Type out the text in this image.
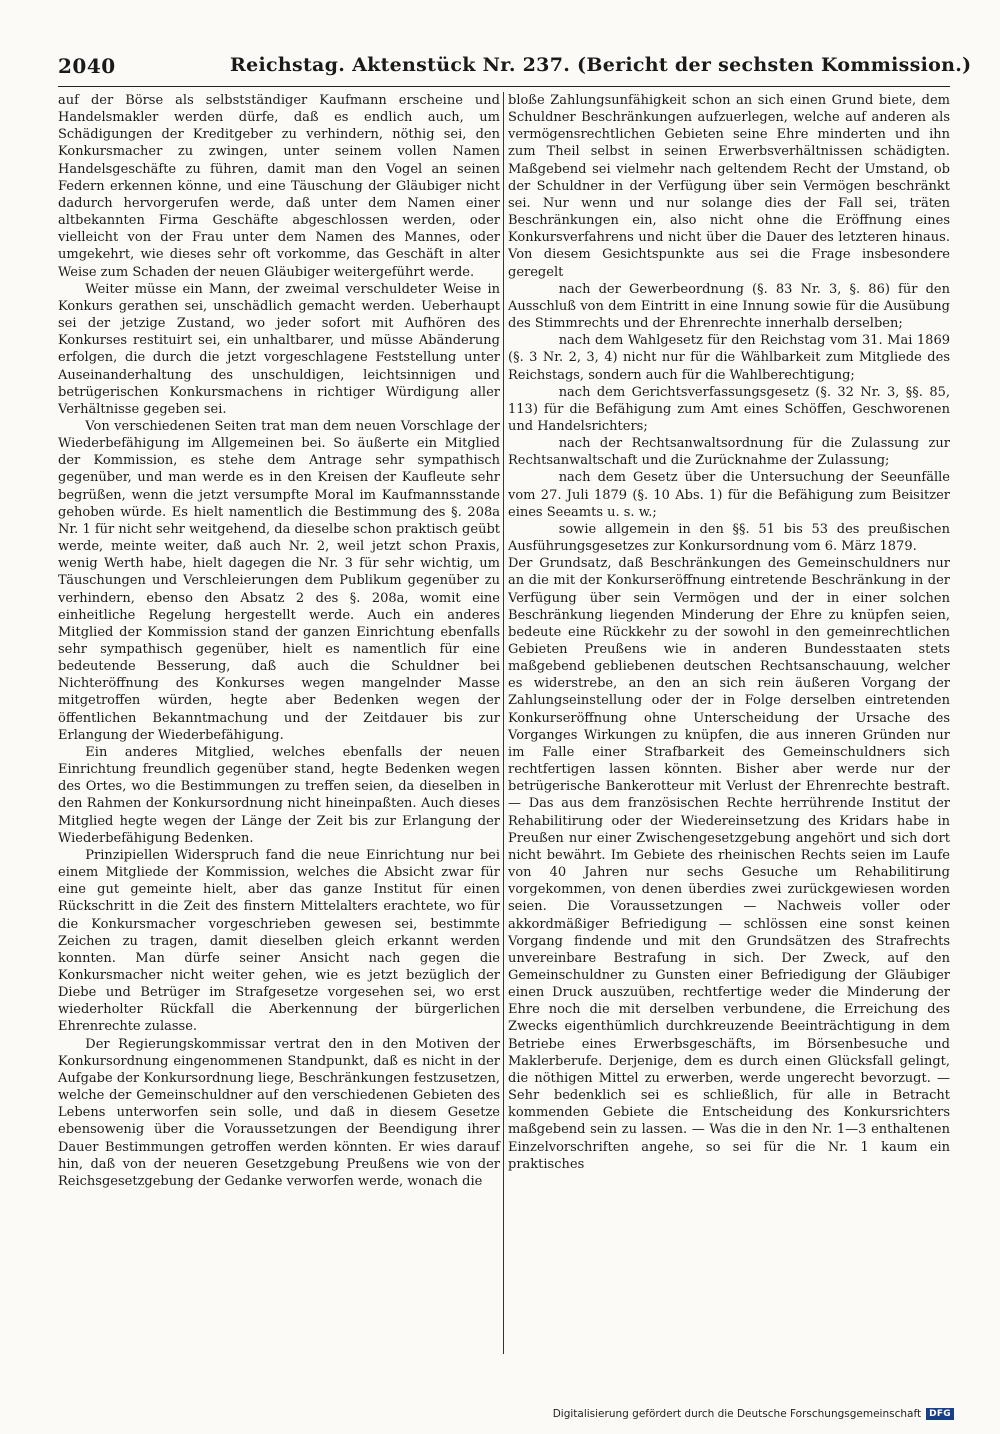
2040	Reichstag. Aktenstück Nr. 237. (Bericht der sechsten Kommission.)

auf der Börse als selbstständiger Kaufmann erscheine und Handelsmakler werden dürfe, daß es endlich auch, um Schädigungen der Kreditgeber zu verhindern, nöthig sei, den Konkursmacher zu zwingen, unter seinem vollen Namen Handelsgeschäfte zu führen, damit man den Vogel an seinen Federn erkennen könne, und eine Täuschung der Gläubiger nicht dadurch hervorgerufen werde, daß unter dem Namen einer altbekannten Firma Geschäfte abgeschlossen werden, oder vielleicht von der Frau unter dem Namen des Mannes, oder umgekehrt, wie dieses sehr oft vorkomme, das Geschäft in alter Weise zum Schaden der neuen Gläubiger weitergeführt werde.

Weiter müsse ein Mann, der zweimal verschuldeter Weise in Konkurs gerathen sei, unschädlich gemacht werden. Ueberhaupt sei der jetzige Zustand, wo jeder sofort mit Aufhören des Konkurses restituirt sei, ein unhaltbarer, und müsse Abänderung erfolgen, die durch die jetzt vorgeschlagene Feststellung unter Auseinanderhaltung des unschuldigen, leichtsinnigen und betrügerischen Konkursmachens in richtiger Würdigung aller Verhältnisse gegeben sei.

Von verschiedenen Seiten trat man dem neuen Vorschlage der Wiederbefähigung im Allgemeinen bei. So äußerte ein Mitglied der Kommission, es stehe dem Antrage sehr sympathisch gegenüber, und man werde es in den Kreisen der Kaufleute sehr begrüßen, wenn die jetzt versumpfte Moral im Kaufmannsstande gehoben würde. Es hielt namentlich die Bestimmung des §. 208a Nr. 1 für nicht sehr weitgehend, da dieselbe schon praktisch geübt werde, meinte weiter, daß auch Nr. 2, weil jetzt schon Praxis, wenig Werth habe, hielt dagegen die Nr. 3 für sehr wichtig, um Täuschungen und Verschleierungen dem Publikum gegenüber zu verhindern, ebenso den Absatz 2 des §. 208a, womit eine einheitliche Regelung hergestellt werde. Auch ein anderes Mitglied der Kommission stand der ganzen Einrichtung ebenfalls sehr sympathisch gegenüber, hielt es namentlich für eine bedeutende Besserung, daß auch die Schuldner bei Nichteröffnung des Konkurses wegen mangelnder Masse mitgetroffen würden, hegte aber Bedenken wegen der öffentlichen Bekanntmachung und der Zeitdauer bis zur Erlangung der Wiederbefähigung.

Ein anderes Mitglied, welches ebenfalls der neuen Einrichtung freundlich gegenüber stand, hegte Bedenken wegen des Ortes, wo die Bestimmungen zu treffen seien, da dieselben in den Rahmen der Konkursordnung nicht hineinpaßten. Auch dieses Mitglied hegte wegen der Länge der Zeit bis zur Erlangung der Wiederbefähigung Bedenken.

Prinzipiellen Widerspruch fand die neue Einrichtung nur bei einem Mitgliede der Kommission, welches die Absicht zwar für eine gut gemeinte hielt, aber das ganze Institut für einen Rückschritt in die Zeit des finstern Mittelalters erachtete, wo für die Konkursmacher vorgeschrieben gewesen sei, bestimmte Zeichen zu tragen, damit dieselben gleich erkannt werden konnten. Man dürfe seiner Ansicht nach gegen die Konkursmacher nicht weiter gehen, wie es jetzt bezüglich der Diebe und Betrüger im Strafgesetze vorgesehen sei, wo erst wiederholter Rückfall die Aberkennung der bürgerlichen Ehrenrechte zulasse.

Der Regierungskommissar vertrat den in den Motiven der Konkursordnung eingenommenen Standpunkt, daß es nicht in der Aufgabe der Konkursordnung liege, Beschränkungen festzusetzen, welche der Gemeinschuldner auf den verschiedenen Gebieten des Lebens unterworfen sein solle, und daß in diesem Gesetze ebensowenig über die Voraussetzungen der Beendigung ihrer Dauer Bestimmungen getroffen werden könnten. Er wies darauf hin, daß von der neueren Gesetzgebung Preußens wie von der Reichsgesetzgebung der Gedanke verworfen werde, wonach die

bloße Zahlungsunfähigkeit schon an sich einen Grund biete, dem Schuldner Beschränkungen aufzuerlegen, welche auf anderen als vermögensrechtlichen Gebieten seine Ehre minderten und ihn zum Theil selbst in seinen Erwerbsverhältnissen schädigten. Maßgebend sei vielmehr nach geltendem Recht der Umstand, ob der Schuldner in der Verfügung über sein Vermögen beschränkt sei. Nur wenn und nur solange dies der Fall sei, träten Beschränkungen ein, also nicht ohne die Eröffnung eines Konkursverfahrens und nicht über die Dauer des letzteren hinaus. Von diesem Gesichtspunkte aus sei die Frage insbesondere geregelt

nach der Gewerbeordnung (§. 83 Nr. 3, §. 86) für den Ausschluß von dem Eintritt in eine Innung sowie für die Ausübung des Stimmrechts und der Ehrenrechte innerhalb derselben;

nach dem Wahlgesetz für den Reichstag vom 31. Mai 1869 (§. 3 Nr. 2, 3, 4) nicht nur für die Wählbarkeit zum Mitgliede des Reichstags, sondern auch für die Wahlberechtigung;

nach dem Gerichtsverfassungsgesetz (§. 32 Nr. 3, §§. 85, 113) für die Befähigung zum Amt eines Schöffen, Geschworenen und Handelsrichters;

nach der Rechtsanwaltsordnung für die Zulassung zur Rechtsanwaltschaft und die Zurücknahme der Zulassung;

nach dem Gesetz über die Untersuchung der Seeunfälle vom 27. Juli 1879 (§. 10 Abs. 1) für die Befähigung zum Beisitzer eines Seeamts u. s. w.;

sowie allgemein in den §§. 51 bis 53 des preußischen Ausführungsgesetzes zur Konkursordnung vom 6. März 1879.

Der Grundsatz, daß Beschränkungen des Gemeinschuldners nur an die mit der Konkurseröffnung eintretende Beschränkung in der Verfügung über sein Vermögen und der in einer solchen Beschränkung liegenden Minderung der Ehre zu knüpfen seien, bedeute eine Rückkehr zu der sowohl in den gemeinrechtlichen Gebieten Preußens wie in anderen Bundesstaaten stets maßgebend gebliebenen deutschen Rechtsanschauung, welcher es widerstrebe, an den an sich rein äußeren Vorgang der Zahlungseinstellung oder der in Folge derselben eintretenden Konkurseröffnung ohne Unterscheidung der Ursache des Vorganges Wirkungen zu knüpfen, die aus inneren Gründen nur im Falle einer Strafbarkeit des Gemeinschuldners sich rechtfertigen lassen könnten. Bisher aber werde nur der betrügerische Bankerotteur mit Verlust der Ehrenrechte bestraft. — Das aus dem französischen Rechte herrührende Institut der Rehabilitirung oder der Wiedereinsetzung des Kridars habe in Preußen nur einer Zwischengesetzgebung angehört und sich dort nicht bewährt. Im Gebiete des rheinischen Rechts seien im Laufe von 40 Jahren nur sechs Gesuche um Rehabilitirung vorgekommen, von denen überdies zwei zurückgewiesen worden seien. Die Voraussetzungen — Nachweis voller oder akkordmäßiger Befriedigung — schlössen eine sonst keinen Vorgang findende und mit den Grundsätzen des Strafrechts unvereinbare Bestrafung in sich. Der Zweck, auf den Gemeinschuldner zu Gunsten einer Befriedigung der Gläubiger einen Druck auszuüben, rechtfertige weder die Minderung der Ehre noch die mit derselben verbundene, die Erreichung des Zwecks eigenthümlich durchkreuzende Beeinträchtigung in dem Betriebe eines Erwerbsgeschäfts, im Börsenbesuche und Maklerberufe. Derjenige, dem es durch einen Glücksfall gelingt, die nöthigen Mittel zu erwerben, werde ungerecht bevorzugt. — Sehr bedenklich sei es schließlich, für alle in Betracht kommenden Gebiete die Entscheidung des Konkursrichters maßgebend sein zu lassen. — Was die in den Nr. 1—3 enthaltenen Einzelvorschriften angehe, so sei für die Nr. 1 kaum ein praktisches

Digitalisierung gefördert durch die Deutsche Forschungsgemeinschaft DFG
